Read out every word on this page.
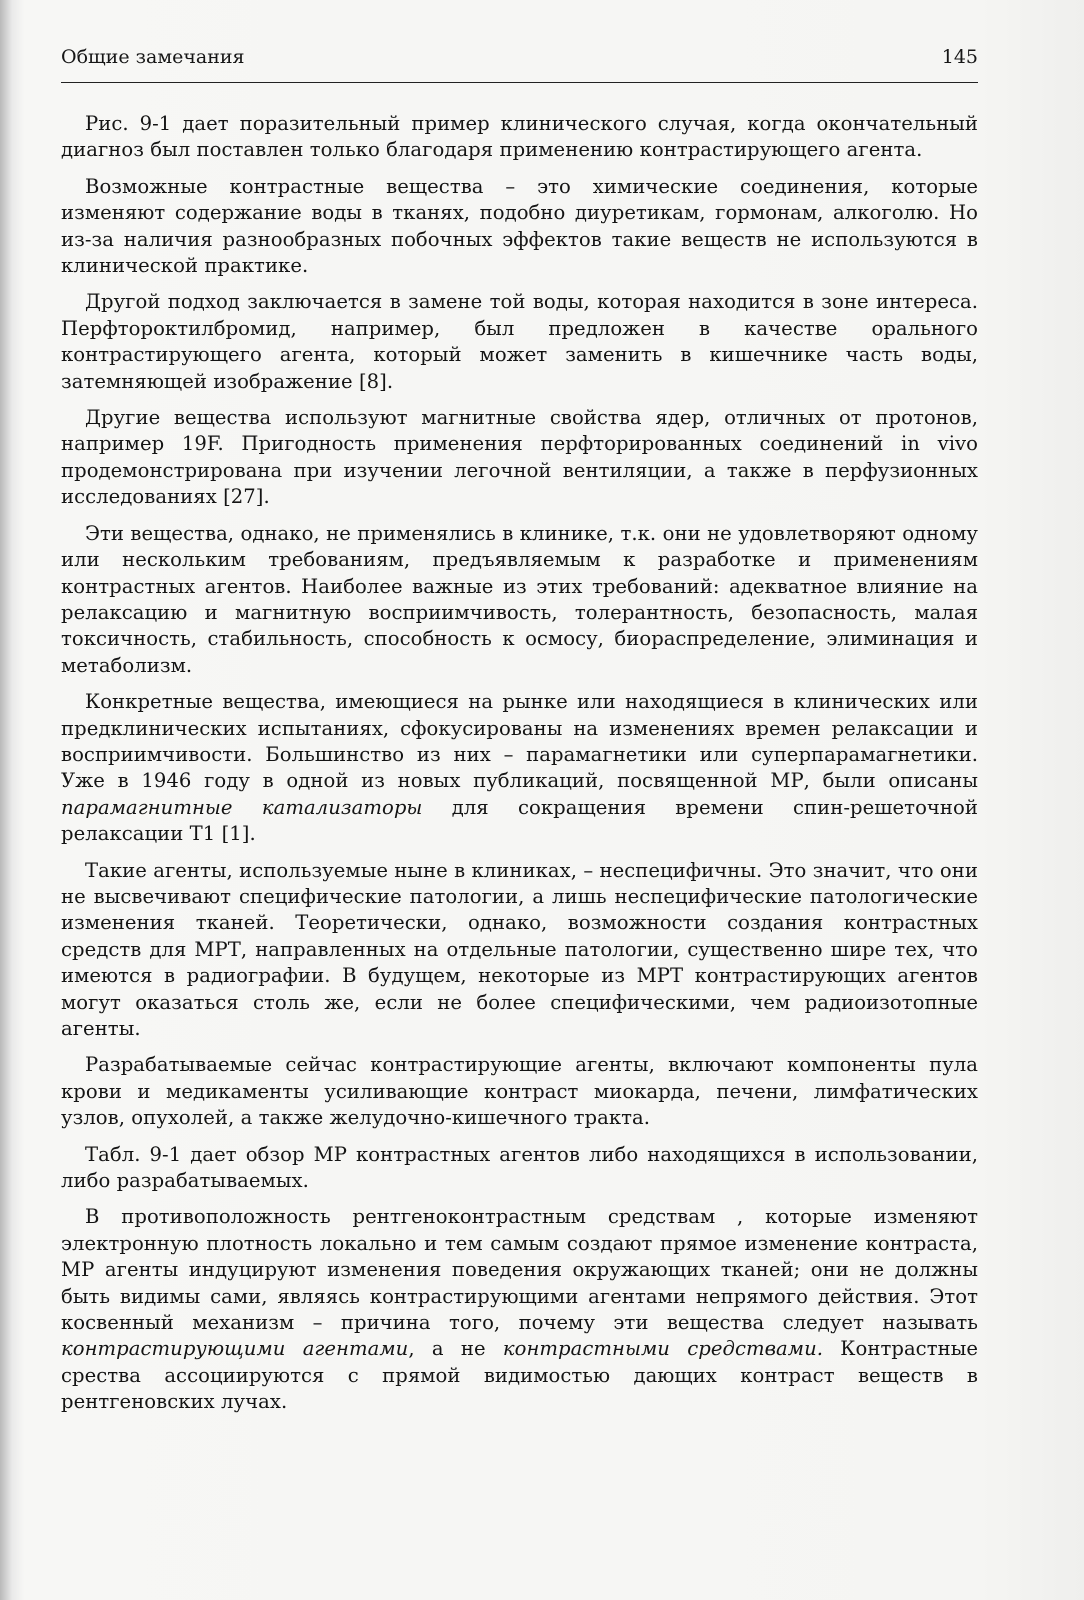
Общие замечания	145

Рис. 9-1 дает поразительный пример клинического случая, когда окончательный диагноз был поставлен только благодаря применению контрастирующего агента.

Возможные контрастные вещества – это химические соединения, которые изменяют содержание воды в тканях, подобно диуретикам, гормонам, алкоголю. Но из-за наличия разнообразных побочных эффектов такие веществ не используются в клинической практике.

Другой подход заключается в замене той воды, которая находится в зоне интереса. Перфтороктилбромид, например, был предложен в качестве орального контрастирующего агента, который может заменить в кишечнике часть воды, затемняющей изображение [8].

Другие вещества используют магнитные свойства ядер, отличных от протонов, например 19F. Пригодность применения перфторированных соединений in vivo продемонстрирована при изучении легочной вентиляции, а также в перфузионных исследованиях [27].

Эти вещества, однако, не применялись в клинике, т.к. они не удовлетворяют одному или нескольким требованиям, предъявляемым к разработке и применениям контрастных агентов. Наиболее важные из этих требований: адекватное влияние на релаксацию и магнитную восприимчивость, толерантность, безопасность, малая токсичность, стабильность, способность к осмосу, биораспределение, элиминация и метаболизм.

Конкретные вещества, имеющиеся на рынке или находящиеся в клинических или предклинических испытаниях, сфокусированы на изменениях времен релаксации и восприимчивости. Большинство из них – парамагнетики или суперпарамагнетики. Уже в 1946 году в одной из новых публикаций, посвященной МР, были описаны парамагнитные катализаторы для сокращения времени спин-решеточной релаксации T1 [1].

Такие агенты, используемые ныне в клиниках, – неспецифичны. Это значит, что они не высвечивают специфические патологии, а лишь неспецифические патологические изменения тканей. Теоретически, однако, возможности создания контрастных средств для МРТ, направленных на отдельные патологии, существенно шире тех, что имеются в радиографии. В будущем, некоторые из МРТ контрастирующих агентов могут оказаться столь же, если не более специфическими, чем радиоизотопные агенты.

Разрабатываемые сейчас контрастирующие агенты, включают компоненты пула крови и медикаменты усиливающие контраст миокарда, печени, лимфатических узлов, опухолей, а также желудочно-кишечного тракта.

Табл. 9-1 дает обзор МР контрастных агентов либо находящихся в использовании, либо разрабатываемых.

В противоположность рентгеноконтрастным средствам , которые изменяют электронную плотность локально и тем самым создают прямое изменение контраста, МР агенты индуцируют изменения поведения окружающих тканей; они не должны быть видимы сами, являясь контрастирующими агентами непрямого действия. Этот косвенный механизм – причина того, почему эти вещества следует называть контрастирующими агентами, а не контрастными средствами. Контрастные срества ассоциируются с прямой видимостью дающих контраст веществ в рентгеновских лучах.
